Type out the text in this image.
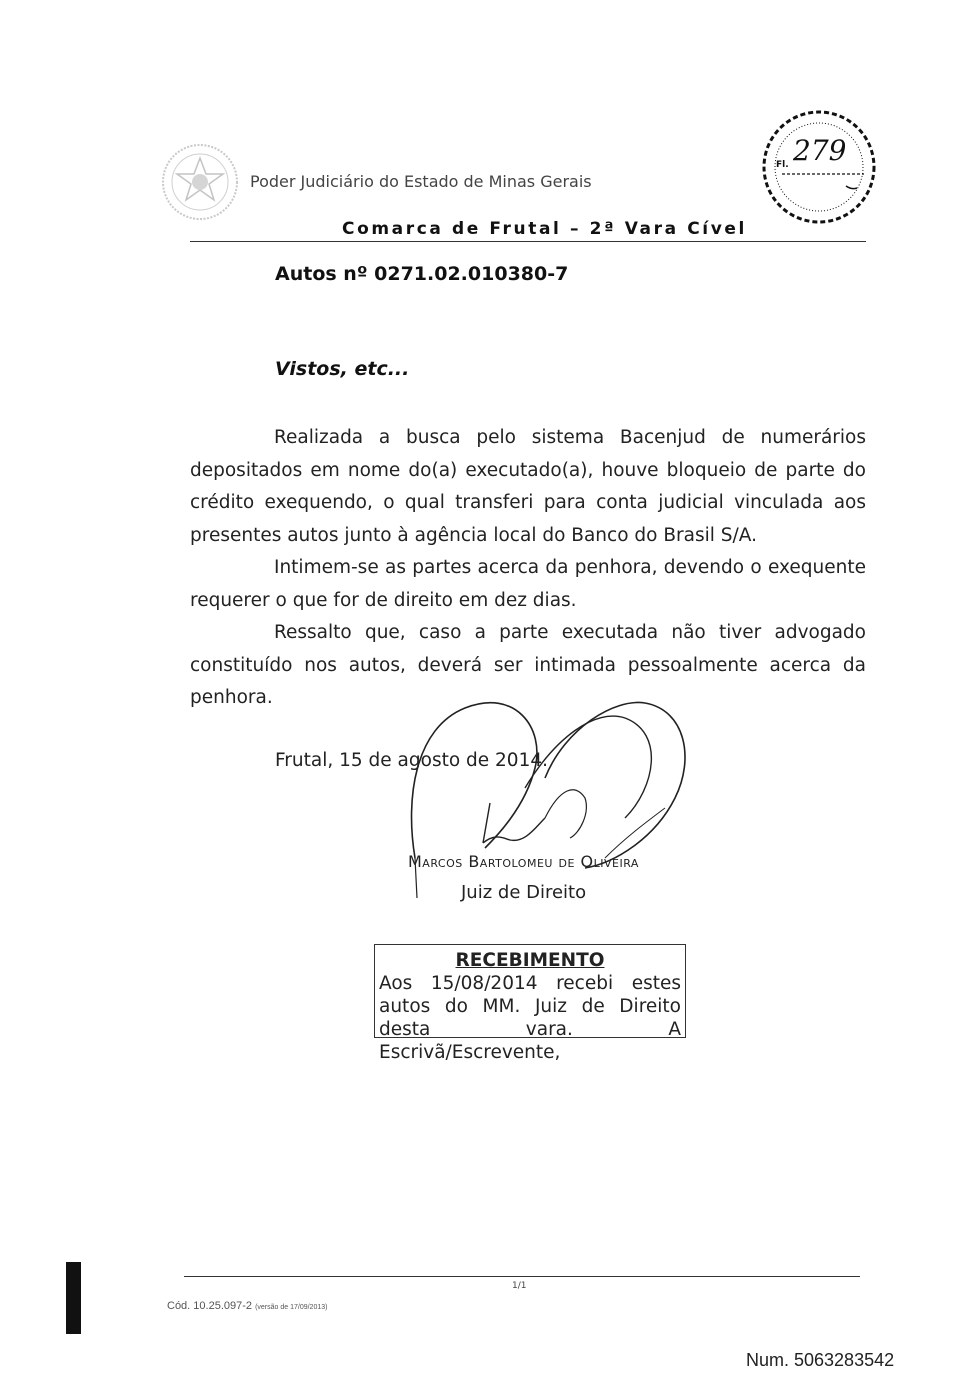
Poder Judiciário do Estado de Minas Gerais
Comarca de Frutal – 2ª Vara Cível
Fl. 279
Autos nº 0271.02.010380-7
Vistos, etc...

Realizada a busca pelo sistema Bacenjud de numerários depositados em nome do(a) executado(a), houve bloqueio de parte do crédito exequendo, o qual transferi para conta judicial vinculada aos presentes autos junto à agência local do Banco do Brasil S/A.

Intimem-se as partes acerca da penhora, devendo o exequente requerer o que for de direito em dez dias.

Ressalto que, caso a parte executada não tiver advogado constituído nos autos, deverá ser intimada pessoalmente acerca da penhora.

Frutal, 15 de agosto de 2014.
Marcos Bartolomeu de Oliveira
Juiz de Direito
RECEBIMENTO
Aos 15/08/2014 recebi estes autos do MM. Juiz de Direito desta vara. A Escrivã/Escrevente,
1/1
Cód. 10.25.097-2 (versão de 17/09/2013)
Num. 5063283542
